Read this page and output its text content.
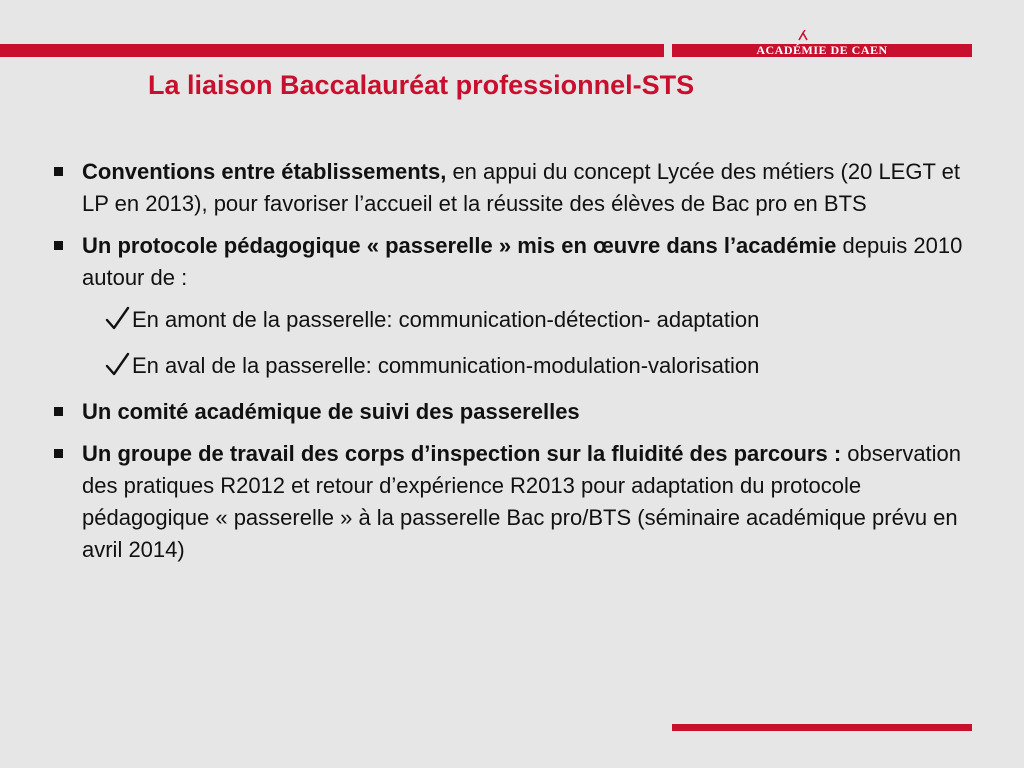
ACADÉMIE DE CAEN
La liaison Baccalauréat professionnel-STS
Conventions entre établissements, en appui du concept Lycée des métiers (20 LEGT et LP en 2013), pour favoriser l’accueil et la réussite des élèves de Bac pro en BTS
Un protocole pédagogique « passerelle » mis en œuvre dans l’académie depuis 2010 autour de :
En amont de la passerelle: communication-détection- adaptation
En aval de la passerelle: communication-modulation-valorisation
Un comité académique de suivi des passerelles
Un groupe de travail des corps d’inspection sur la fluidité des parcours : observation des pratiques R2012 et retour d’expérience R2013 pour adaptation du protocole pédagogique « passerelle » à la passerelle Bac pro/BTS (séminaire académique prévu en avril 2014)
